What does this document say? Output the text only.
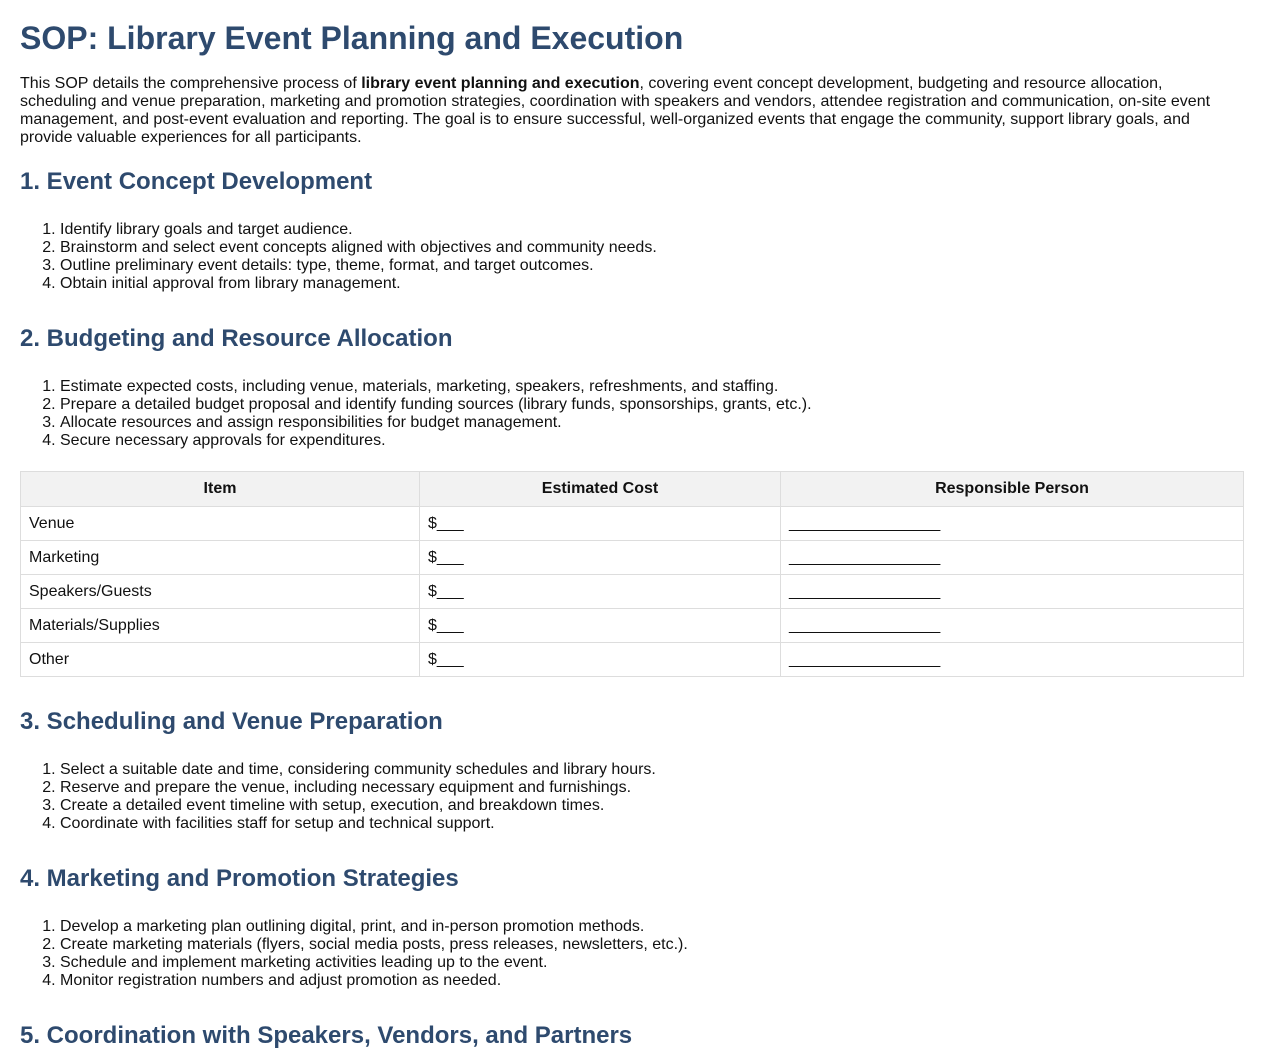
SOP: Library Event Planning and Execution

This SOP details the comprehensive process of library event planning and execution, covering event concept development, budgeting and resource allocation, scheduling and venue preparation, marketing and promotion strategies, coordination with speakers and vendors, attendee registration and communication, on-site event management, and post-event evaluation and reporting. The goal is to ensure successful, well-organized events that engage the community, support library goals, and provide valuable experiences for all participants.

1. Event Concept Development
1. Identify library goals and target audience.
2. Brainstorm and select event concepts aligned with objectives and community needs.
3. Outline preliminary event details: type, theme, format, and target outcomes.
4. Obtain initial approval from library management.
2. Budgeting and Resource Allocation
1. Estimate expected costs, including venue, materials, marketing, speakers, refreshments, and staffing.
2. Prepare a detailed budget proposal and identify funding sources (library funds, sponsorships, grants, etc.).
3. Allocate resources and assign responsibilities for budget management.
4. Secure necessary approvals for expenditures.
Item	Estimated Cost	Responsible Person
Venue	$___	_________________
Marketing	$___	_________________
Speakers/Guests	$___	_________________
Materials/Supplies	$___	_________________
Other	$___	_________________
3. Scheduling and Venue Preparation
1. Select a suitable date and time, considering community schedules and library hours.
2. Reserve and prepare the venue, including necessary equipment and furnishings.
3. Create a detailed event timeline with setup, execution, and breakdown times.
4. Coordinate with facilities staff for setup and technical support.
4. Marketing and Promotion Strategies
1. Develop a marketing plan outlining digital, print, and in-person promotion methods.
2. Create marketing materials (flyers, social media posts, press releases, newsletters, etc.).
3. Schedule and implement marketing activities leading up to the event.
4. Monitor registration numbers and adjust promotion as needed.
5. Coordination with Speakers, Vendors, and Partners
